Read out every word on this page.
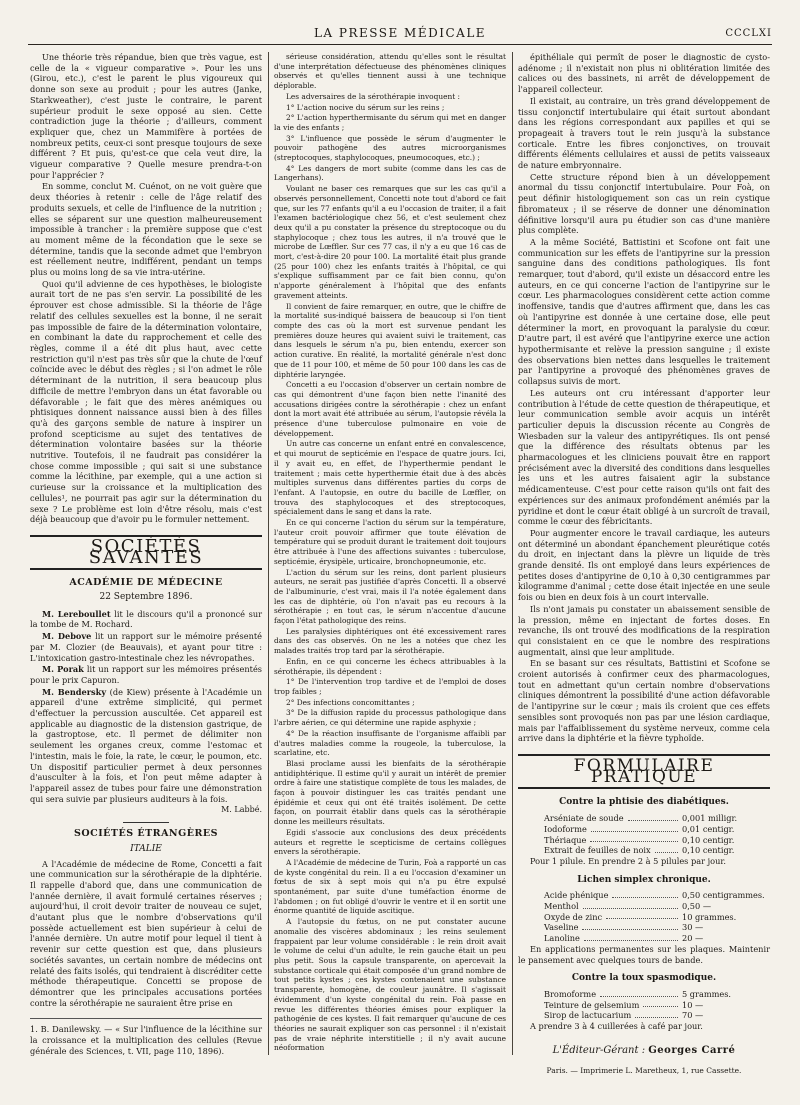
LA PRESSE MÉDICALE	CCCLXI

Une théorie très répandue, bien que très vague, est celle de la « vigueur comparative ». Pour les uns (Girou, etc.), c'est le parent le plus vigoureux qui donne son sexe au produit ; pour les autres (Janke, Starkweather), c'est juste le contraire, le parent supérieur produit le sexe opposé au sien. Cette contradiction juge la théorie ; d'ailleurs, comment expliquer que, chez un Mammifère à portées de nombreux petits, ceux-ci sont presque toujours de sexe différent ? Et puis, qu'est-ce que cela veut dire, la vigueur comparative ? Quelle mesure prendra-t-on pour l'apprécier ?

En somme, conclut M. Cuénot, on ne voit guère que deux théories à retenir : celle de l'âge relatif des produits sexuels, et celle de l'influence de la nutrition ; elles se séparent sur une question malheureusement impossible à trancher : la première suppose que c'est au moment même de la fécondation que le sexe se détermine, tandis que la seconde admet que l'embryon est réellement neutre, indifférent, pendant un temps plus ou moins long de sa vie intra-utérine.

Quoi qu'il advienne de ces hypothèses, le biologiste aurait tort de ne pas s'en servir. La possibilité de les éprouver est chose admissible. Si la théorie de l'âge relatif des cellules sexuelles est la bonne, il ne serait pas impossible de faire de la détermination volontaire, en combinant la date du rapprochement et celle des règles, comme il a été dit plus haut, avec cette restriction qu'il n'est pas très sûr que la chute de l'œuf coïncide avec le début des règles ; si l'on admet le rôle déterminant de la nutrition, il sera beaucoup plus difficile de mettre l'embryon dans un état favorable ou défavorable ; le fait que des mères anémiques ou phtisiques donnent naissance aussi bien à des filles qu'à des garçons semble de nature à inspirer un profond scepticisme au sujet des tentatives de détermination volontaire basées sur la théorie nutritive. Toutefois, il ne faudrait pas considérer la chose comme impossible ; qui sait si une substance comme la lécithine, par exemple, qui a une action si curieuse sur la croissance et la multiplication des cellules¹, ne pourrait pas agir sur la détermination du sexe ? Le problème est loin d'être résolu, mais c'est déjà beaucoup que d'avoir pu le formuler nettement.

SOCIÉTÉS SAVANTES
ACADÉMIE DE MÉDECINE
22 Septembre 1896.

M. Lereboullet lit le discours qu'il a prononcé sur la tombe de M. Rochard.

M. Debove lit un rapport sur le mémoire présenté par M. Clozier (de Beauvais), et ayant pour titre : L'intoxication gastro-intestinale chez les névropathes.

M. Porak lit un rapport sur les mémoires présentés pour le prix Capuron.

M. Bendersky (de Kiew) présente à l'Académie un appareil d'une extrême simplicité, qui permet d'effectuer la percussion auscultée. Cet appareil est applicable au diagnostic de la distension gastrique, de la gastroptose, etc. Il permet de délimiter non seulement les organes creux, comme l'estomac et l'intestin, mais le foie, la rate, le cœur, le poumon, etc. Un dispositif particulier permet à deux personnes d'ausculter à la fois, et l'on peut même adapter à l'appareil assez de tubes pour faire une démonstration qui sera suivie par plusieurs auditeurs à la fois.

M. Labbé.
SOCIÉTÉS ÉTRANGÈRES
ITALIE

A l'Académie de médecine de Rome, Concetti a fait une communication sur la sérothérapie de la diphtérie. Il rappelle d'abord que, dans une communication de l'année dernière, il avait formulé certaines réserves ; aujourd'hui, il croit devoir traiter de nouveau ce sujet, d'autant plus que le nombre d'observations qu'il possède actuellement est bien supérieur à celui de l'année dernière. Un autre motif pour lequel il tient à revenir sur cette question est que, dans plusieurs sociétés savantes, un certain nombre de médecins ont relaté des faits isolés, qui tendraient à discréditer cette méthode thérapeutique. Concetti se propose de démontrer que les principales accusations portées contre la sérothérapie ne sauraient être prise en

1. B. Danilewsky. — « Sur l'influence de la lécithine sur la croissance et la multiplication des cellules (Revue générale des Sciences, t. VII, page 110, 1896).

sérieuse considération, attendu qu'elles sont le résultat d'une interprétation défectueuse des phénomènes cliniques observés et qu'elles tiennent aussi à une technique déplorable.

Les adversaires de la sérothérapie invoquent :

1° L'action nocive du sérum sur les reins ;

2° L'action hyperthermisante du sérum qui met en danger la vie des enfants ;

3° L'influence que possède le sérum d'augmenter le pouvoir pathogène des autres microorganismes (streptocoques, staphylocoques, pneumocoques, etc.) ;

4° Les dangers de mort subite (comme dans les cas de Langerhans).

Voulant ne baser ces remarques que sur les cas qu'il a observés personnellement, Concetti note tout d'abord ce fait que, sur les 77 enfants qu'il a eu l'occasion de traiter, il a fait l'examen bactériologique chez 56, et c'est seulement chez deux qu'il a pu constater la présence du streptocoque ou du staphylocoque ; chez tous les autres, il n'a trouvé que le microbe de Lœffler. Sur ces 77 cas, il n'y a eu que 16 cas de mort, c'est-à-dire 20 pour 100. La mortalité était plus grande (25 pour 100) chez les enfants traités à l'hôpital, ce qui s'explique suffisamment par ce fait bien connu, qu'on n'apporte généralement à l'hôpital que des enfants gravement atteints.

Il convient de faire remarquer, en outre, que le chiffre de la mortalité sus-indiqué baissera de beaucoup si l'on tient compte des cas où la mort est survenue pendant les premières douze heures qui avaient suivi le traitement, cas dans lesquels le sérum n'a pu, bien entendu, exercer son action curative. En réalité, la mortalité générale n'est donc que de 11 pour 100, et même de 50 pour 100 dans les cas de diphtérie laryngée.

Concetti a eu l'occasion d'observer un certain nombre de cas qui démontrent d'une façon bien nette l'inanité des accusations dirigées contre la sérothérapie : chez un enfant dont la mort avait été attribuée au sérum, l'autopsie révéla la présence d'une tuberculose pulmonaire en voie de développement.

Un autre cas concerne un enfant entré en convalescence, et qui mourut de septicémie en l'espace de quatre jours. Ici, il y avait eu, en effet, de l'hyperthermie pendant le traitement ; mais cette hyperthermie était due à des abcès multiples survenus dans différentes parties du corps de l'enfant. A l'autopsie, en outre du bacille de Lœffler, on trouva des staphylocoques et des streptocoques, spécialement dans le sang et dans la rate.

En ce qui concerne l'action du sérum sur la température, l'auteur croit pouvoir affirmer que toute élévation de température qui se produit durant le traitement doit toujours être attribuée à l'une des affections suivantes : tuberculose, septicémie, érysipèle, urticaire, bronchopneumonie, etc.

L'action du sérum sur les reins, dont parlent plusieurs auteurs, ne serait pas justifiée d'après Concetti. Il a observé de l'albuminurie, c'est vrai, mais il l'a notée également dans les cas de diphtérie, où l'on n'avait pas eu recours à la sérothérapie ; en tout cas, le sérum n'accentue d'aucune façon l'état pathologique des reins.

Les paralysies diphtériques ont été excessivement rares dans des cas observés. On ne les a notées que chez les malades traités trop tard par la sérothérapie.

Enfin, en ce qui concerne les échecs attribuables à la sérothérapie, ils dépendent :

1° De l'intervention trop tardive et de l'emploi de doses trop faibles ;

2° Des infections concomittantes ;

3° De la diffusion rapide du processus pathologique dans l'arbre aérien, ce qui détermine une rapide asphyxie ;

4° De la réaction insuffisante de l'organisme affaibli par d'autres maladies comme la rougeole, la tuberculose, la scarlatine, etc.

Blasi proclame aussi les bienfaits de la sérothérapie antidiphtérique. Il estime qu'il y aurait un intérêt de premier ordre à faire une statistique complète de tous les malades, de façon à pouvoir distinguer les cas traités pendant une épidémie et ceux qui ont été traités isolément. De cette façon, on pourrait établir dans quels cas la sérothérapie donne les meilleurs résultats.

Egidi s'associe aux conclusions des deux précédents auteurs et regrette le scepticisme de certains collègues envers la sérothérapie.

A l'Académie de médecine de Turin, Foà a rapporté un cas de kyste congénital du rein. Il a eu l'occasion d'examiner un fœtus de six à sept mois qui n'a pu être expulsé spontanément, par suite d'une tuméfaction énorme de l'abdomen ; on fut obligé d'ouvrir le ventre et il en sortit une énorme quantité de liquide ascitique.

A l'autopsie du fœtus, on ne put constater aucune anomalie des viscères abdominaux ; les reins seulement frappaient par leur volume considérable : le rein droit avait le volume de celui d'un adulte, le rein gauche était un peu plus petit. Sous la capsule transparente, on apercevait la substance corticale qui était composée d'un grand nombre de tout petits kystes ; ces kystes contenaient une substance transparente, homogène, de couleur jaunâtre. Il s'agissait évidemment d'un kyste congénital du rein. Foà passe en revue les différentes théories émises pour expliquer la pathogénie de ces kystes. Il fait remarquer qu'aucune de ces théories ne saurait expliquer son cas personnel : il n'existait pas de vraie néphrite interstitielle ; il n'y avait aucune néoformation

épithéliale qui permît de poser le diagnostic de cysto-adénome ; il n'existait non plus ni oblitération limitée des calices ou des bassinets, ni arrêt de développement de l'appareil collecteur.

Il existait, au contraire, un très grand développement de tissu conjonctif intertubulaire qui était surtout abondant dans les régions correspondant aux papilles et qui se propageait à travers tout le rein jusqu'à la substance corticale. Entre les fibres conjonctives, on trouvait différents éléments cellulaires et aussi de petits vaisseaux de nature embryonnaire.

Cette structure répond bien à un développement anormal du tissu conjonctif intertubulaire. Pour Foà, on peut définir histologiquement son cas un rein cystique fibromateux ; il se réserve de donner une dénomination définitive lorsqu'il aura pu étudier son cas d'une manière plus complète.

A la même Société, Battistini et Scofone ont fait une communication sur les effets de l'antipyrine sur la pression sanguine dans des conditions pathologiques. Ils font remarquer, tout d'abord, qu'il existe un désaccord entre les auteurs, en ce qui concerne l'action de l'antipyrine sur le cœur. Les pharmacologues considèrent cette action comme inoffensive, tandis que d'autres affirment que, dans les cas où l'antipyrine est donnée à une certaine dose, elle peut déterminer la mort, en provoquant la paralysie du cœur. D'autre part, il est avéré que l'antipyrine exerce une action hypothermisante et relève la pression sanguine ; il existe des observations bien nettes dans lesquelles le traitement par l'antipyrine a provoqué des phénomènes graves de collapsus suivis de mort.

Les auteurs ont cru intéressant d'apporter leur contribution à l'étude de cette question de thérapeutique, et leur communication semble avoir acquis un intérêt particulier depuis la discussion récente au Congrès de Wiesbaden sur la valeur des antipyrétiques. Ils ont pensé que la différence des résultats obtenus par les pharmacologues et les cliniciens pouvait être en rapport précisément avec la diversité des conditions dans lesquelles les uns et les autres faisaient agir la substance médicamenteuse. C'est pour cette raison qu'ils ont fait des expériences sur des animaux profondément anémiés par la pyridine et dont le cœur était obligé à un surcroît de travail, comme le cœur des fébricitants.

Pour augmenter encore le travail cardiaque, les auteurs ont déterminé un abondant épanchement pleurétique cotés du droit, en injectant dans la plèvre un liquide de très grande densité. Ils ont employé dans leurs expériences de petites doses d'antipyrine de 0,10 à 0,30 centigrammes par kilogramme d'animal ; cette dose était injectée en une seule fois ou bien en deux fois à un court intervalle.

Ils n'ont jamais pu constater un abaissement sensible de la pression, même en injectant de fortes doses. En revanche, ils ont trouvé des modifications de la respiration qui consistaient en ce que le nombre des respirations augmentait, ainsi que leur amplitude.

En se basant sur ces résultats, Battistini et Scofone se croient autorisés à confirmer ceux des pharmacologues, tout en admettant qu'un certain nombre d'observations cliniques démontrent la possibilité d'une action défavorable de l'antipyrine sur le cœur ; mais ils croient que ces effets sensibles sont provoqués non pas par une lésion cardiaque, mais par l'affaiblissement du système nerveux, comme cela arrive dans la diphtérie et la fièvre typhoïde.

FORMULAIRE PRATIQUE
Contre la phtisie des diabétiques.
Arséniate de soude	0,001 milligr.
Iodoforme	0,01 centigr.
Thériaque	0,10 centigr.
Extrait de feuilles de noix	0,10 centigr.

Pour 1 pilule. En prendre 2 à 5 pilules par jour.

Lichen simplex chronique.
Acide phénique	0,50 centigrammes.
Menthol	0,50 —
Oxyde de zinc	10 grammes.
Vaseline	30 —
Lanoline	20 —

En applications permanentes sur les plaques. Maintenir le pansement avec quelques tours de bande.

Contre la toux spasmodique.
Bromoforme	5 grammes.
Teinture de gelsemium	10 —
Sirop de lactucarium	70 —

A prendre 3 à 4 cuillerées à café par jour.

L'Éditeur-Gérant : Georges Carré
Paris. — Imprimerie L. Maretheux, 1, rue Cassette.
